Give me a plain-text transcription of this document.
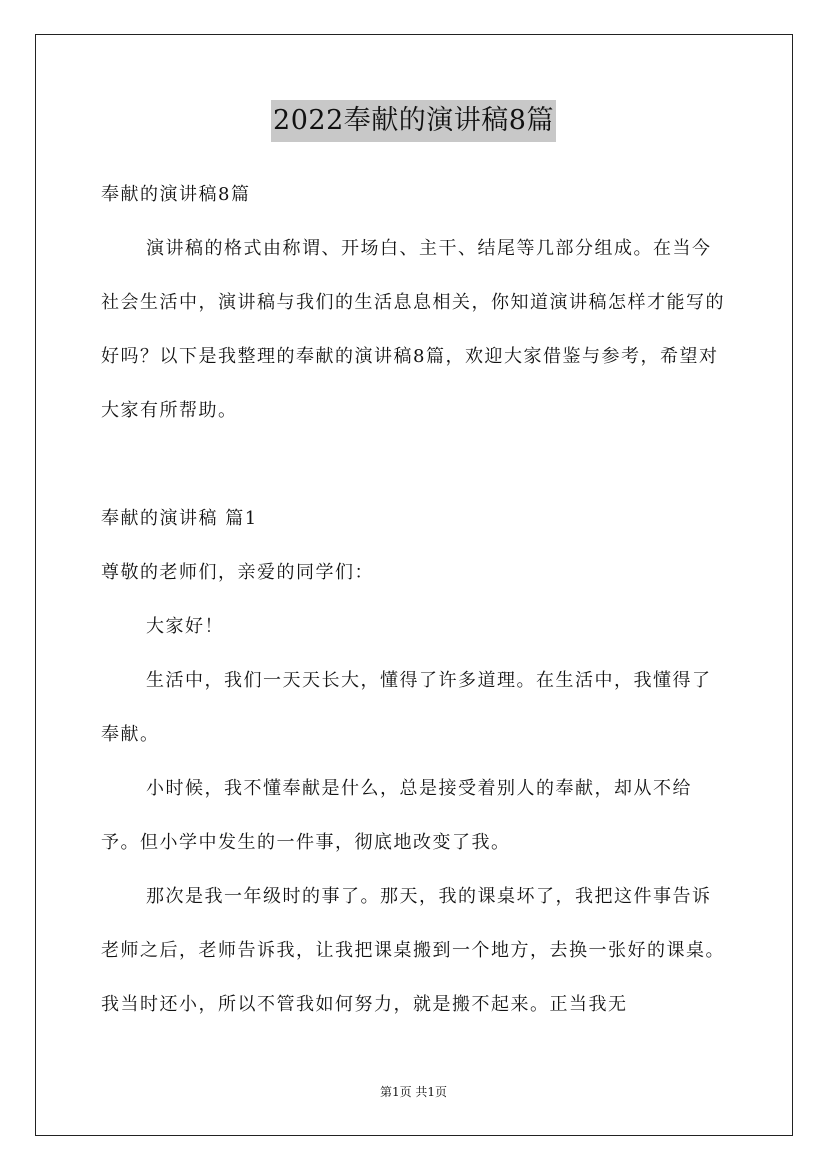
2022奉献的演讲稿8篇

奉献的演讲稿8篇

演讲稿的格式由称谓、开场白、主干、结尾等几部分组成。在当今社会生活中，演讲稿与我们的生活息息相关，你知道演讲稿怎样才能写的好吗？以下是我整理的奉献的演讲稿8篇，欢迎大家借鉴与参考，希望对大家有所帮助。

奉献的演讲稿 篇1

尊敬的老师们，亲爱的同学们：

大家好！

生活中，我们一天天长大，懂得了许多道理。在生活中，我懂得了奉献。

小时候，我不懂奉献是什么，总是接受着别人的奉献，却从不给予。但小学中发生的一件事，彻底地改变了我。

那次是我一年级时的事了。那天，我的课桌坏了，我把这件事告诉老师之后，老师告诉我，让我把课桌搬到一个地方，去换一张好的课桌。我当时还小，所以不管我如何努力，就是搬不起来。正当我无

第1页 共1页
